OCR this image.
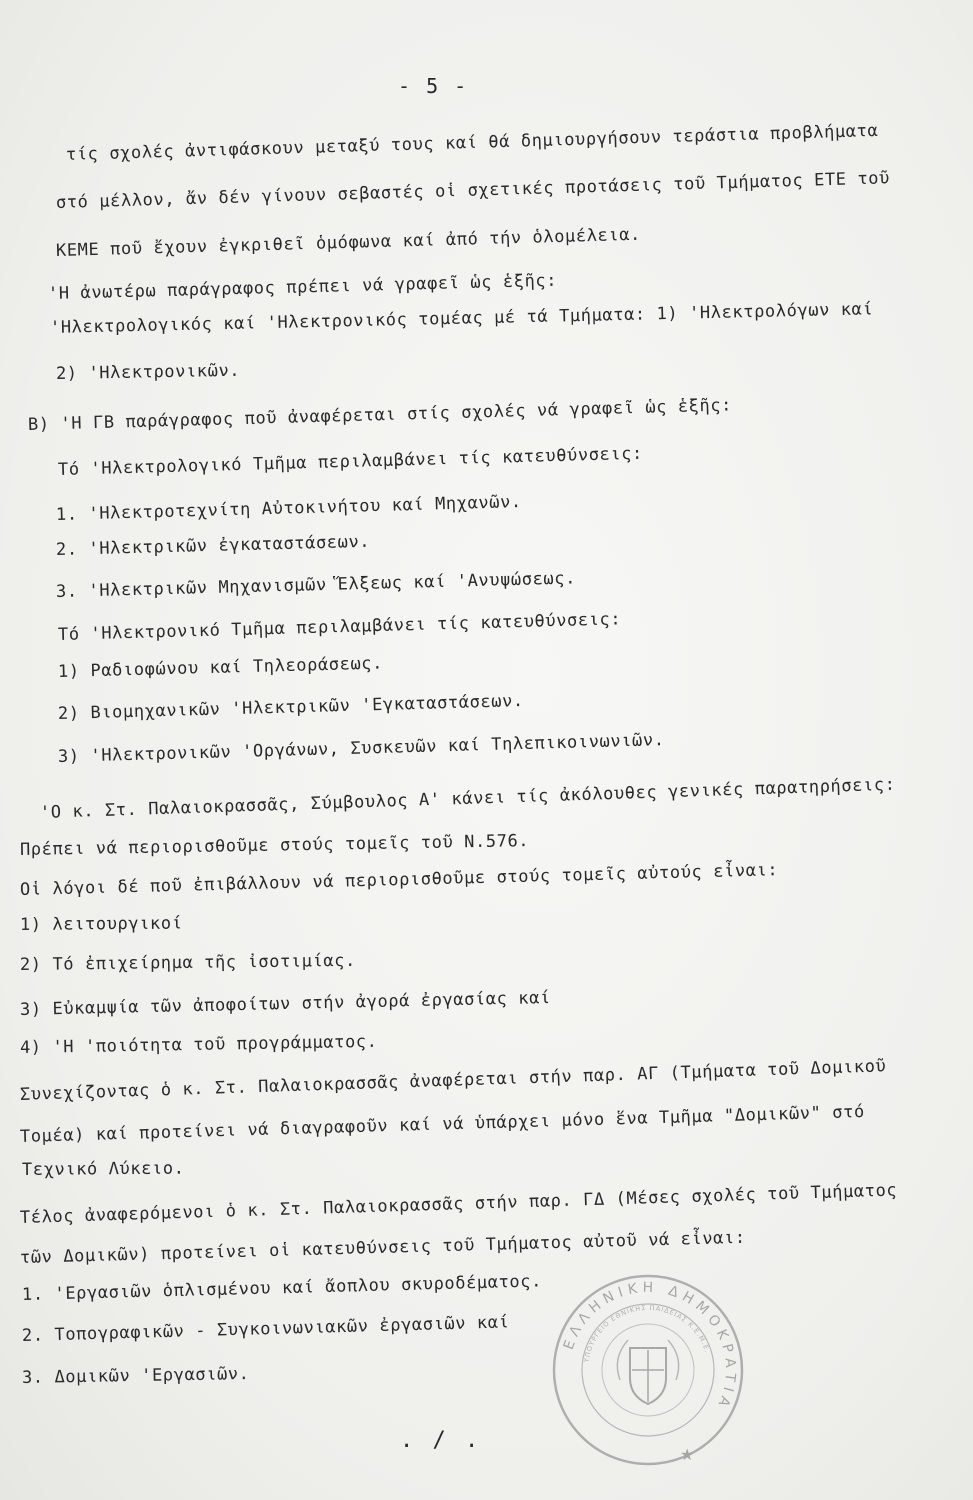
- 5 -
τίς σχολές ἀντιφάσκουν μεταξύ τους καί θά δημιουργήσουν τεράστια προβλήματα
στό μέλλον, ἄν δέν γίνουν σεβαστές οἱ σχετικές προτάσεις τοῦ Τμήματος ΕΤΕ τοῦ
ΚΕΜΕ ποῦ ἔχουν ἐγκριθεῖ ὁμόφωνα καί ἀπό τήν ὁλομέλεια.
'Η ἀνωτέρω παράγραφος πρέπει νά γραφεῖ ὡς ἑξῆς:
'Ηλεκτρολογικός καί 'Ηλεκτρονικός τομέας μέ τά Τμήματα: 1) 'Ηλεκτρολόγων καί
2) 'Ηλεκτρονικῶν.
Β) 'Η ΓΒ παράγραφος ποῦ ἀναφέρεται στίς σχολές νά γραφεῖ ὡς ἑξῆς:
Τό 'Ηλεκτρολογικό Τμῆμα περιλαμβάνει τίς κατευθύνσεις:
1. 'Ηλεκτροτεχνίτη Αὐτοκινήτου καί Μηχανῶν.
2. 'Ηλεκτρικῶν ἐγκαταστάσεων.
3. 'Ηλεκτρικῶν Μηχανισμῶν Ἕλξεως καί 'Ανυψώσεως.
Τό 'Ηλεκτρονικό Τμῆμα περιλαμβάνει τίς κατευθύνσεις:
1) Ραδιοφώνου καί Τηλεοράσεως.
2) Βιομηχανικῶν 'Ηλεκτρικῶν 'Εγκαταστάσεων.
3) 'Ηλεκτρονικῶν 'Οργάνων, Συσκευῶν καί Τηλεπικοινωνιῶν.
'Ο κ. Στ. Παλαιοκρασσᾶς, Σύμβουλος Α' κάνει τίς ἀκόλουθες γενικές παρατηρήσεις:
Πρέπει νά περιορισθοῦμε στούς τομεῖς τοῦ Ν.576.
Οἱ λόγοι δέ ποῦ ἐπιβάλλουν νά περιορισθοῦμε στούς τομεῖς αὐτούς εἶναι:
1) λειτουργικοί
2) Τό ἐπιχείρημα τῆς ἰσοτιμίας.
3) Εὐκαμψία τῶν ἀποφοίτων στήν ἀγορά ἐργασίας καί
4) 'Η 'ποιότητα τοῦ προγράμματος.
Συνεχίζοντας ὁ κ. Στ. Παλαιοκρασσᾶς ἀναφέρεται στήν παρ. ΑΓ (Τμήματα τοῦ Δομικοῦ
Τομέα) καί προτείνει νά διαγραφοῦν καί νά ὑπάρχει μόνο ἕνα Τμῆμα "Δομικῶν" στό
Τεχνικό Λύκειο.
Τέλος ἀναφερόμενοι ὁ κ. Στ. Παλαιοκρασσᾶς στήν παρ. ΓΔ (Μέσες σχολές τοῦ Τμήματος
τῶν Δομικῶν) προτείνει οἱ κατευθύνσεις τοῦ Τμήματος αὐτοῦ νά εἶναι:
1. 'Εργασιῶν ὁπλισμένου καί ἄοπλου σκυροδέματος.
2. Τοπογραφικῶν - Συγκοινωνιακῶν ἐργασιῶν καί
3. Δομικῶν 'Εργασιῶν.
ΕΛΛΗΝΙΚΗ ΔΗΜΟΚΡΑΤΙΑ
ΥΠΟΥΡΓΕΙΟ ΕΘΝΙΚΗΣ ΠΑΙΔΕΙΑΣ Κ.Ε.Μ.Ε.
★
. / .
